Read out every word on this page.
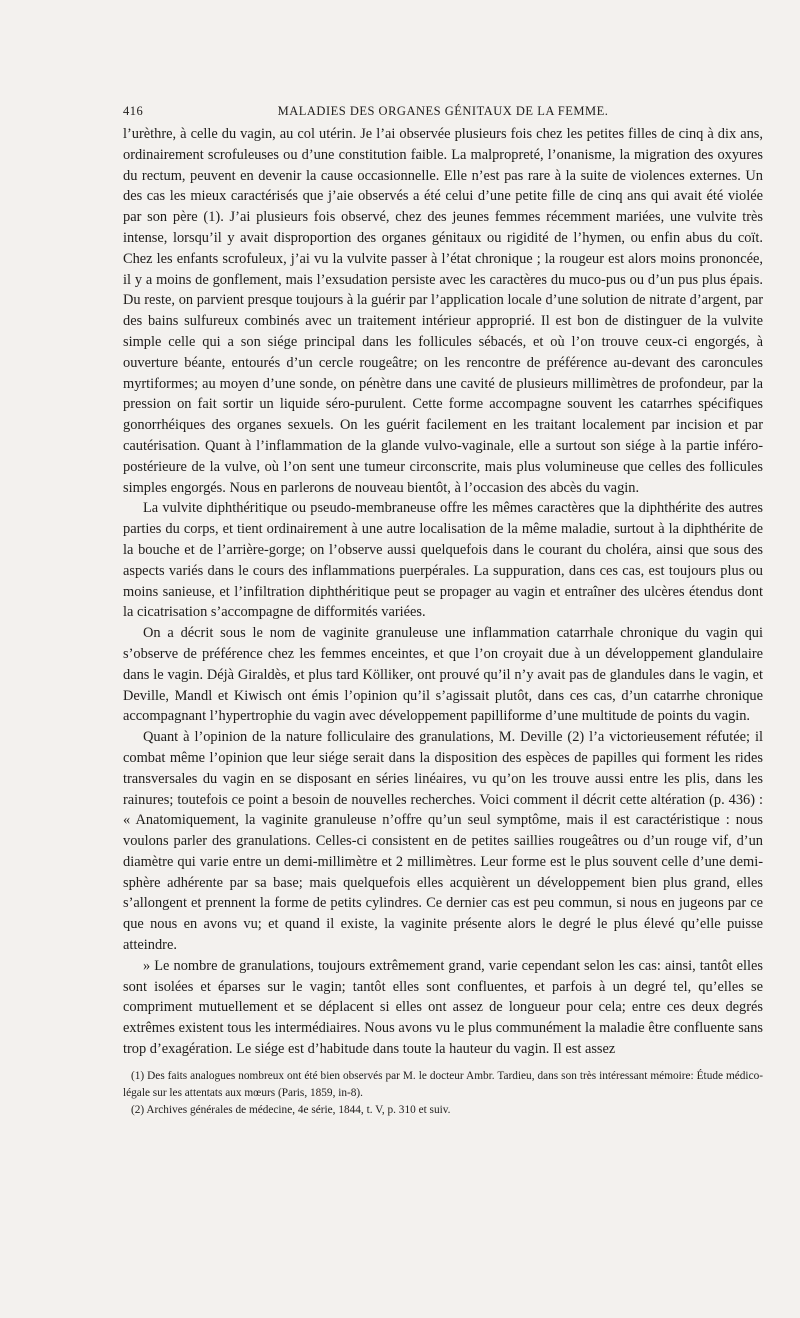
416	MALADIES DES ORGANES GÉNITAUX DE LA FEMME.

l’urèthre, à celle du vagin, au col utérin. Je l’ai observée plusieurs fois chez les petites filles de cinq à dix ans, ordinairement scrofuleuses ou d’une constitution faible. La malpropreté, l’onanisme, la migration des oxyures du rectum, peuvent en devenir la cause occasionnelle. Elle n’est pas rare à la suite de violences externes. Un des cas les mieux caractérisés que j’aie observés a été celui d’une petite fille de cinq ans qui avait été violée par son père (1). J’ai plusieurs fois observé, chez des jeunes femmes récemment mariées, une vulvite très intense, lorsqu’il y avait disproportion des organes génitaux ou rigidité de l’hymen, ou enfin abus du coït. Chez les enfants scrofuleux, j’ai vu la vulvite passer à l’état chronique ; la rougeur est alors moins prononcée, il y a moins de gonflement, mais l’exsudation persiste avec les caractères du muco-pus ou d’un pus plus épais. Du reste, on parvient presque toujours à la guérir par l’application locale d’une solution de nitrate d’argent, par des bains sulfureux combinés avec un traitement intérieur approprié. Il est bon de distinguer de la vulvite simple celle qui a son siége principal dans les follicules sébacés, et où l’on trouve ceux-ci engorgés, à ouverture béante, entourés d’un cercle rougeâtre; on les rencontre de préférence au-devant des caroncules myrtiformes; au moyen d’une sonde, on pénètre dans une cavité de plusieurs millimètres de profondeur, par la pression on fait sortir un liquide séro-purulent. Cette forme accompagne souvent les catarrhes spécifiques gonorrhéiques des organes sexuels. On les guérit facilement en les traitant localement par incision et par cautérisation. Quant à l’inflammation de la glande vulvo-vaginale, elle a surtout son siége à la partie inféro-postérieure de la vulve, où l’on sent une tumeur circonscrite, mais plus volumineuse que celles des follicules simples engorgés. Nous en parlerons de nouveau bientôt, à l’occasion des abcès du vagin.

La vulvite diphthéritique ou pseudo-membraneuse offre les mêmes caractères que la diphthérite des autres parties du corps, et tient ordinairement à une autre localisation de la même maladie, surtout à la diphthérite de la bouche et de l’arrière-gorge; on l’observe aussi quelquefois dans le courant du choléra, ainsi que sous des aspects variés dans le cours des inflammations puerpérales. La suppuration, dans ces cas, est toujours plus ou moins sanieuse, et l’infiltration diphthéritique peut se propager au vagin et entraîner des ulcères étendus dont la cicatrisation s’accompagne de difformités variées.

On a décrit sous le nom de vaginite granuleuse une inflammation catarrhale chronique du vagin qui s’observe de préférence chez les femmes enceintes, et que l’on croyait due à un développement glandulaire dans le vagin. Déjà Giraldès, et plus tard Kölliker, ont prouvé qu’il n’y avait pas de glandules dans le vagin, et Deville, Mandl et Kiwisch ont émis l’opinion qu’il s’agissait plutôt, dans ces cas, d’un catarrhe chronique accompagnant l’hypertrophie du vagin avec développement papilliforme d’une multitude de points du vagin.

Quant à l’opinion de la nature folliculaire des granulations, M. Deville (2) l’a victorieusement réfutée; il combat même l’opinion que leur siége serait dans la disposition des espèces de papilles qui forment les rides transversales du vagin en se disposant en séries linéaires, vu qu’on les trouve aussi entre les plis, dans les rainures; toutefois ce point a besoin de nouvelles recherches. Voici comment il décrit cette altération (p. 436) : « Anatomiquement, la vaginite granuleuse n’offre qu’un seul symptôme, mais il est caractéristique : nous voulons parler des granulations. Celles-ci consistent en de petites saillies rougeâtres ou d’un rouge vif, d’un diamètre qui varie entre un demi-millimètre et 2 millimètres. Leur forme est le plus souvent celle d’une demi-sphère adhérente par sa base; mais quelquefois elles acquièrent un développement bien plus grand, elles s’allongent et prennent la forme de petits cylindres. Ce dernier cas est peu commun, si nous en jugeons par ce que nous en avons vu; et quand il existe, la vaginite présente alors le degré le plus élevé qu’elle puisse atteindre.

» Le nombre de granulations, toujours extrêmement grand, varie cependant selon les cas: ainsi, tantôt elles sont isolées et éparses sur le vagin; tantôt elles sont confluentes, et parfois à un degré tel, qu’elles se compriment mutuellement et se déplacent si elles ont assez de longueur pour cela; entre ces deux degrés extrêmes existent tous les intermédiaires. Nous avons vu le plus communément la maladie être confluente sans trop d’exagération. Le siége est d’habitude dans toute la hauteur du vagin. Il est assez

(1) Des faits analogues nombreux ont été bien observés par M. le docteur Ambr. Tardieu, dans son très intéressant mémoire: Étude médico-légale sur les attentats aux mœurs (Paris, 1859, in-8).

(2) Archives générales de médecine, 4e série, 1844, t. V, p. 310 et suiv.
